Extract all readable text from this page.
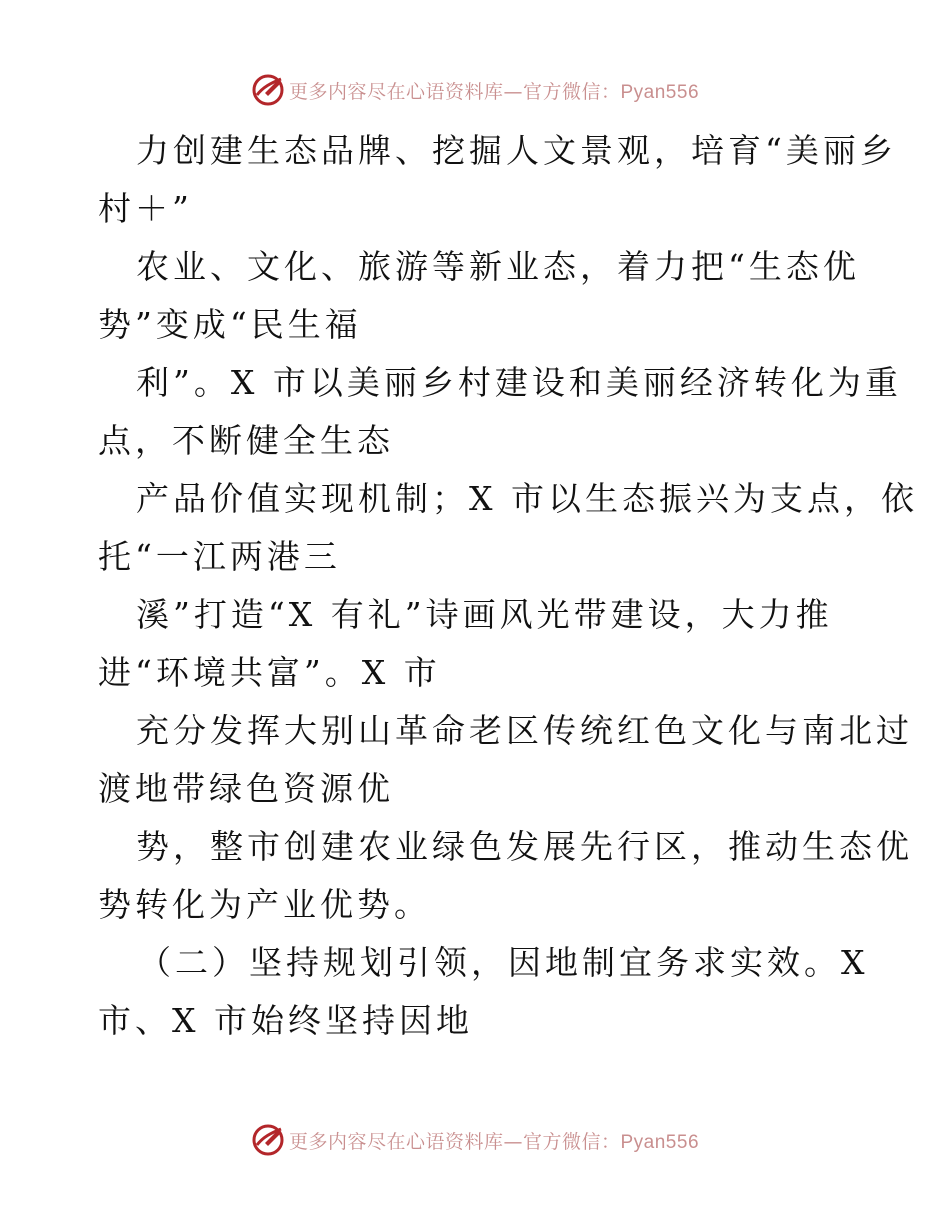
更多内容尽在心语资料库—官方微信：Pyan556
力创建生态品牌、挖掘人文景观，培育“美丽乡
村＋”
农业、文化、旅游等新业态，着力把“生态优
势”变成“民生福
利”。X 市以美丽乡村建设和美丽经济转化为重
点，不断健全生态
产品价值实现机制；X 市以生态振兴为支点，依
托“一江两港三
溪”打造“X 有礼”诗画风光带建设，大力推
进“环境共富”。X 市
充分发挥大别山革命老区传统红色文化与南北过
渡地带绿色资源优
势，整市创建农业绿色发展先行区，推动生态优
势转化为产业优势。
（二）坚持规划引领，因地制宜务求实效。X
市、X 市始终坚持因地
更多内容尽在心语资料库—官方微信：Pyan556
